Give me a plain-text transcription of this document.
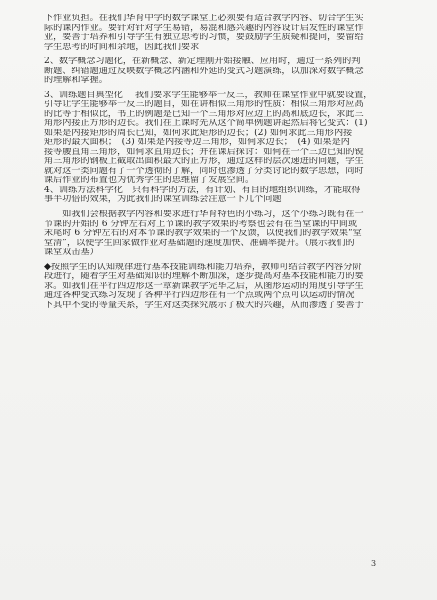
下作业负担。在我们华育中学的数学课堂上必须要有适合教学内容、切合学生实
际的课内作业。要针对针对学生易错，易混和感兴趣的内容设计启发性的课堂作
业，要善于培养和引导学生有独立思考的习惯，要鼓励学生质疑和提问，要留给
学生思考的时间和余地，因此我们要求
2、数学概念习题化，在新概念、新定理刚开始接触、应用时，通过一系列的判
断题、纠错题通过反映数学概念内涵和外延的变式习题演练，以加深对数学概念
的理解和掌握。
3、训练题目典型化　 我们要求学生能够举一反三，教师在课堂作业中就要设置，
引导让学生能够举一反三的题目，如在讲相似三角形的性质：相似三角形对应高
的比等于相似比，书上的例题是已知一个三角形对应边上的高和底边长，求此三
角形内接正方形的边长。我们在上课时先从这个简单例题讲起然后将它变式：(1)
如果是内接矩形的周长已知，如何求此矩形的边长；(2) 如何求此三角形内接
矩形的最大面积；　(3) 如果是内接等边三角形，如何求边长；　(4) 如果是内
接等腰直角三角形，如何求直角边长；并在课后探讨：如何在一个三边已知的锐
角三角形的钢板上截取出面积最大的正方形，通过这样的层次递进的问题，学生
就对这一类问题有了一个透彻的了解，同时也渗透了分类讨论的数学思想，同时
课后作业的布置也为优秀学生的思维留了发展空间。
4、训练方法科学化　只有科学的方法，有计划、有目的地组织训练，才能取得
事半功倍的效果，为此我们的课堂训练会注意一下几个问题
　　如我们会根据教学内容和要求进行华育特色的小练习，这个小练习既有在一
节课的开始的 6 分钟左右对上节课的教学效果的考察也会有在当堂课的中间或
末尾时 6 分钟左右的对本节课的教学效果的一个反馈，以使我们的教学效果“堂
堂清”，以使学生回家做作业对基础题的速度加快、准确率提升。（展示我们的
课堂双击基）
◆按照学生的认知规律进行基本技能训练和能力培养，教师可结合教学内容分阶
段进行，随着学生对基础知识的理解不断加深，逐步提高对基本技能和能力的要
求。如我们在平行四边形这一章新课教学完毕之后，从图形运动的角度引导学生
通过各种变式练习发现了各种平行四边形在有一个点或两个点可以运动的情况
下其中不变的等量关系，学生对这类探究展示了极大的兴趣，从而渗透了要善于
3
